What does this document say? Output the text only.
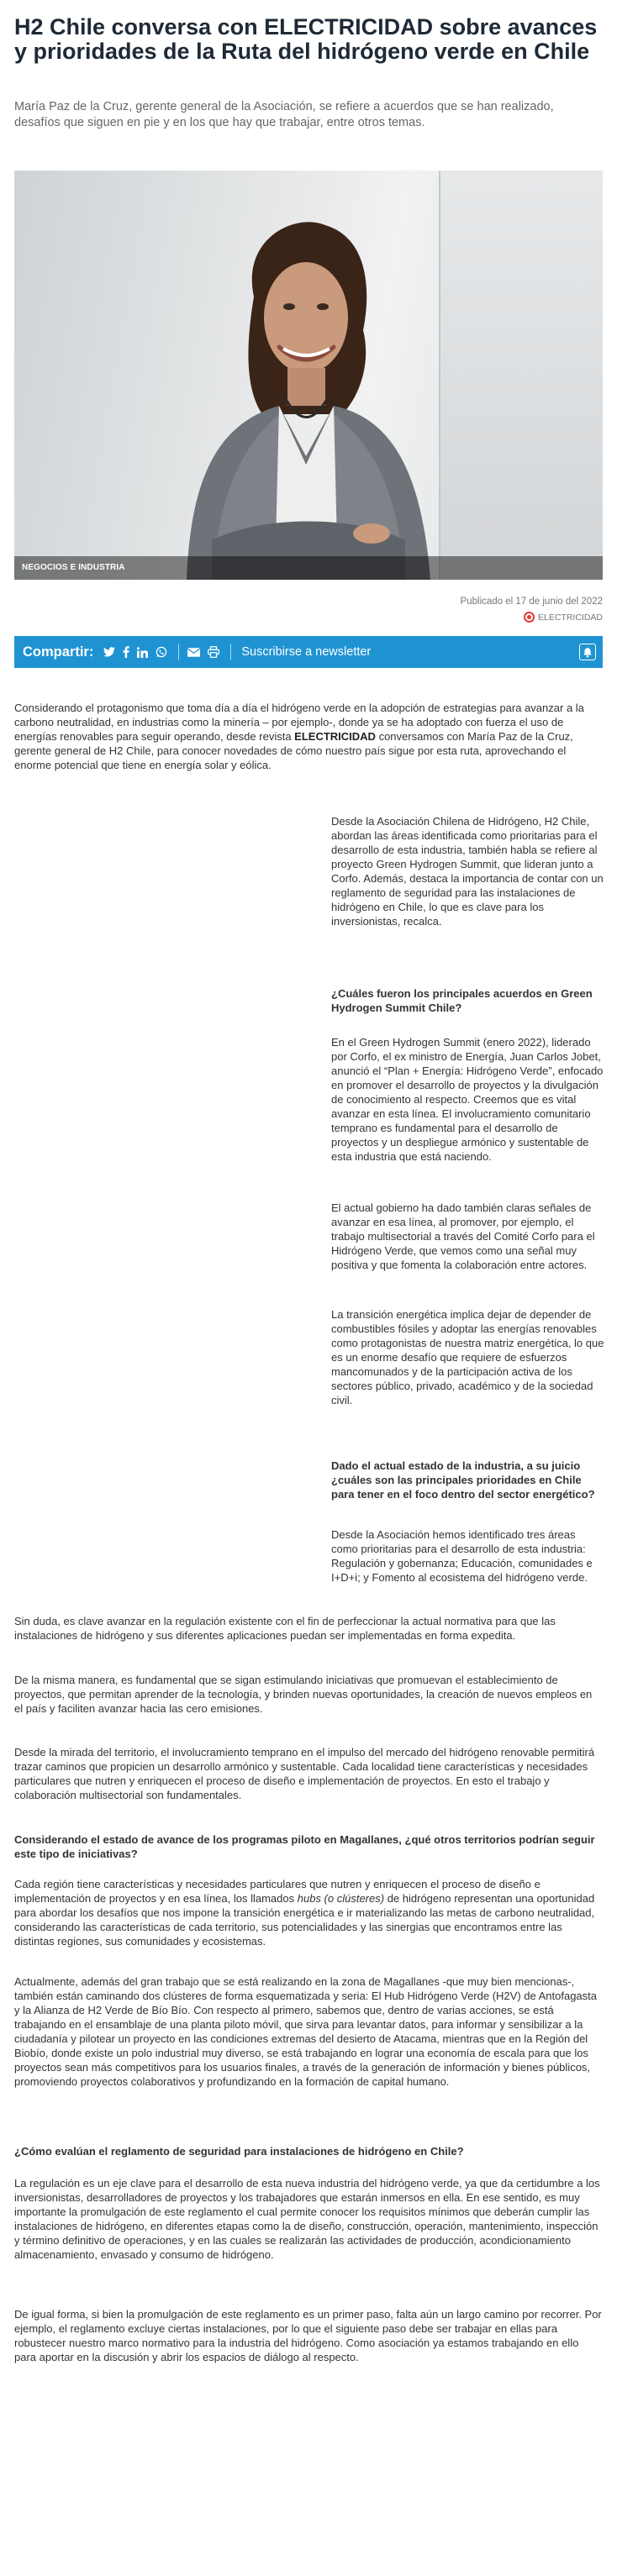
H2 Chile conversa con ELECTRICIDAD sobre avances y prioridades de la Ruta del hidrógeno verde en Chile

María Paz de la Cruz, gerente general de la Asociación, se refiere a acuerdos que se han realizado, desafíos que siguen en pie y en los que hay que trabajar, entre otros temas.

NEGOCIOS E INDUSTRIA
Publicado el 17 de junio del 2022
ELECTRICIDAD
Compartir:	Suscribirse a newsletter

Considerando el protagonismo que toma día a día el hidrógeno verde en la adopción de estrategias para avanzar a la carbono neutralidad, en industrias como la minería – por ejemplo-, donde ya se ha adoptado con fuerza el uso de energías renovables para seguir operando, desde revista ELECTRICIDAD conversamos con María Paz de la Cruz, gerente general de H2 Chile, para conocer novedades de cómo nuestro país sigue por esta ruta, aprovechando el enorme potencial que tiene en energía solar y eólica.

Desde la Asociación Chilena de Hidrógeno, H2 Chile, abordan las áreas identificada como prioritarias para el desarrollo de esta industria, también habla se refiere al proyecto Green Hydrogen Summit, que lideran junto a Corfo. Además, destaca la importancia de contar con un reglamento de seguridad para las instalaciones de hidrógeno en Chile, lo que es clave para los inversionistas, recalca.

¿Cuáles fueron los principales acuerdos en Green Hydrogen Summit Chile?

En el Green Hydrogen Summit (enero 2022), liderado por Corfo, el ex ministro de Energía, Juan Carlos Jobet, anunció el “Plan + Energía: Hidrógeno Verde”, enfocado en promover el desarrollo de proyectos y la divulgación de conocimiento al respecto. Creemos que es vital avanzar en esta línea. El involucramiento comunitario temprano es fundamental para el desarrollo de proyectos y un despliegue armónico y sustentable de esta industria que está naciendo.

El actual gobierno ha dado también claras señales de avanzar en esa línea, al promover, por ejemplo, el trabajo multisectorial a través del Comité Corfo para el Hidrógeno Verde, que vemos como una señal muy positiva y que fomenta la colaboración entre actores.

La transición energética implica dejar de depender de combustibles fósiles y adoptar las energías renovables como protagonistas de nuestra matriz energética, lo que es un enorme desafío que requiere de esfuerzos mancomunados y de la participación activa de los sectores público, privado, académico y de la sociedad civil.

Dado el actual estado de la industria, a su juicio ¿cuáles son las principales prioridades en Chile para tener en el foco dentro del sector energético?

Desde la Asociación hemos identificado tres áreas como prioritarias para el desarrollo de esta industria: Regulación y gobernanza; Educación, comunidades e I+D+i; y Fomento al ecosistema del hidrógeno verde.

Sin duda, es clave avanzar en la regulación existente con el fin de perfeccionar la actual normativa para que las instalaciones de hidrógeno y sus diferentes aplicaciones puedan ser implementadas en forma expedita.

De la misma manera, es fundamental que se sigan estimulando iniciativas que promuevan el establecimiento de proyectos, que permitan aprender de la tecnología, y brinden nuevas oportunidades, la creación de nuevos empleos en el país y faciliten avanzar hacia las cero emisiones.

Desde la mirada del territorio, el involucramiento temprano en el impulso del mercado del hidrógeno renovable permitirá trazar caminos que propicien un desarrollo armónico y sustentable. Cada localidad tiene características y necesidades particulares que nutren y enriquecen el proceso de diseño e implementación de proyectos. En esto el trabajo y colaboración multisectorial son fundamentales.

Considerando el estado de avance de los programas piloto en Magallanes, ¿qué otros territorios podrían seguir este tipo de iniciativas?

Cada región tiene características y necesidades particulares que nutren y enriquecen el proceso de diseño e implementación de proyectos y en esa línea, los llamados hubs (o clústeres) de hidrógeno representan una oportunidad para abordar los desafíos que nos impone la transición energética e ir materializando las metas de carbono neutralidad, considerando las características de cada territorio, sus potencialidades y las sinergias que encontramos entre las distintas regiones, sus comunidades y ecosistemas.

Actualmente, además del gran trabajo que se está realizando en la zona de Magallanes -que muy bien mencionas-, también están caminando dos clústeres de forma esquematizada y seria: El Hub Hidrógeno Verde (H2V) de Antofagasta y la Alianza de H2 Verde de Bío Bío. Con respecto al primero, sabemos que, dentro de varias acciones, se está trabajando en el ensamblaje de una planta piloto móvil, que sirva para levantar datos, para informar y sensibilizar a la ciudadanía y pilotear un proyecto en las condiciones extremas del desierto de Atacama, mientras que en la Región del Biobío, donde existe un polo industrial muy diverso, se está trabajando en lograr una economía de escala para que los proyectos sean más competitivos para los usuarios finales, a través de la generación de información y bienes públicos, promoviendo proyectos colaborativos y profundizando en la formación de capital humano.

¿Cómo evalúan el reglamento de seguridad para instalaciones de hidrógeno en Chile?

La regulación es un eje clave para el desarrollo de esta nueva industria del hidrógeno verde, ya que da certidumbre a los inversionistas, desarrolladores de proyectos y los trabajadores que estarán inmersos en ella. En ese sentido, es muy importante la promulgación de este reglamento el cual permite conocer los requisitos mínimos que deberán cumplir las instalaciones de hidrógeno, en diferentes etapas como la de diseño, construcción, operación, mantenimiento, inspección y término definitivo de operaciones, y en las cuales se realizarán las actividades de producción, acondicionamiento almacenamiento, envasado y consumo de hidrógeno.

De igual forma, si bien la promulgación de este reglamento es un primer paso, falta aún un largo camino por recorrer. Por ejemplo, el reglamento excluye ciertas instalaciones, por lo que el siguiente paso debe ser trabajar en ellas para robustecer nuestro marco normativo para la industria del hidrógeno. Como asociación ya estamos trabajando en ello para aportar en la discusión y abrir los espacios de diálogo al respecto.
